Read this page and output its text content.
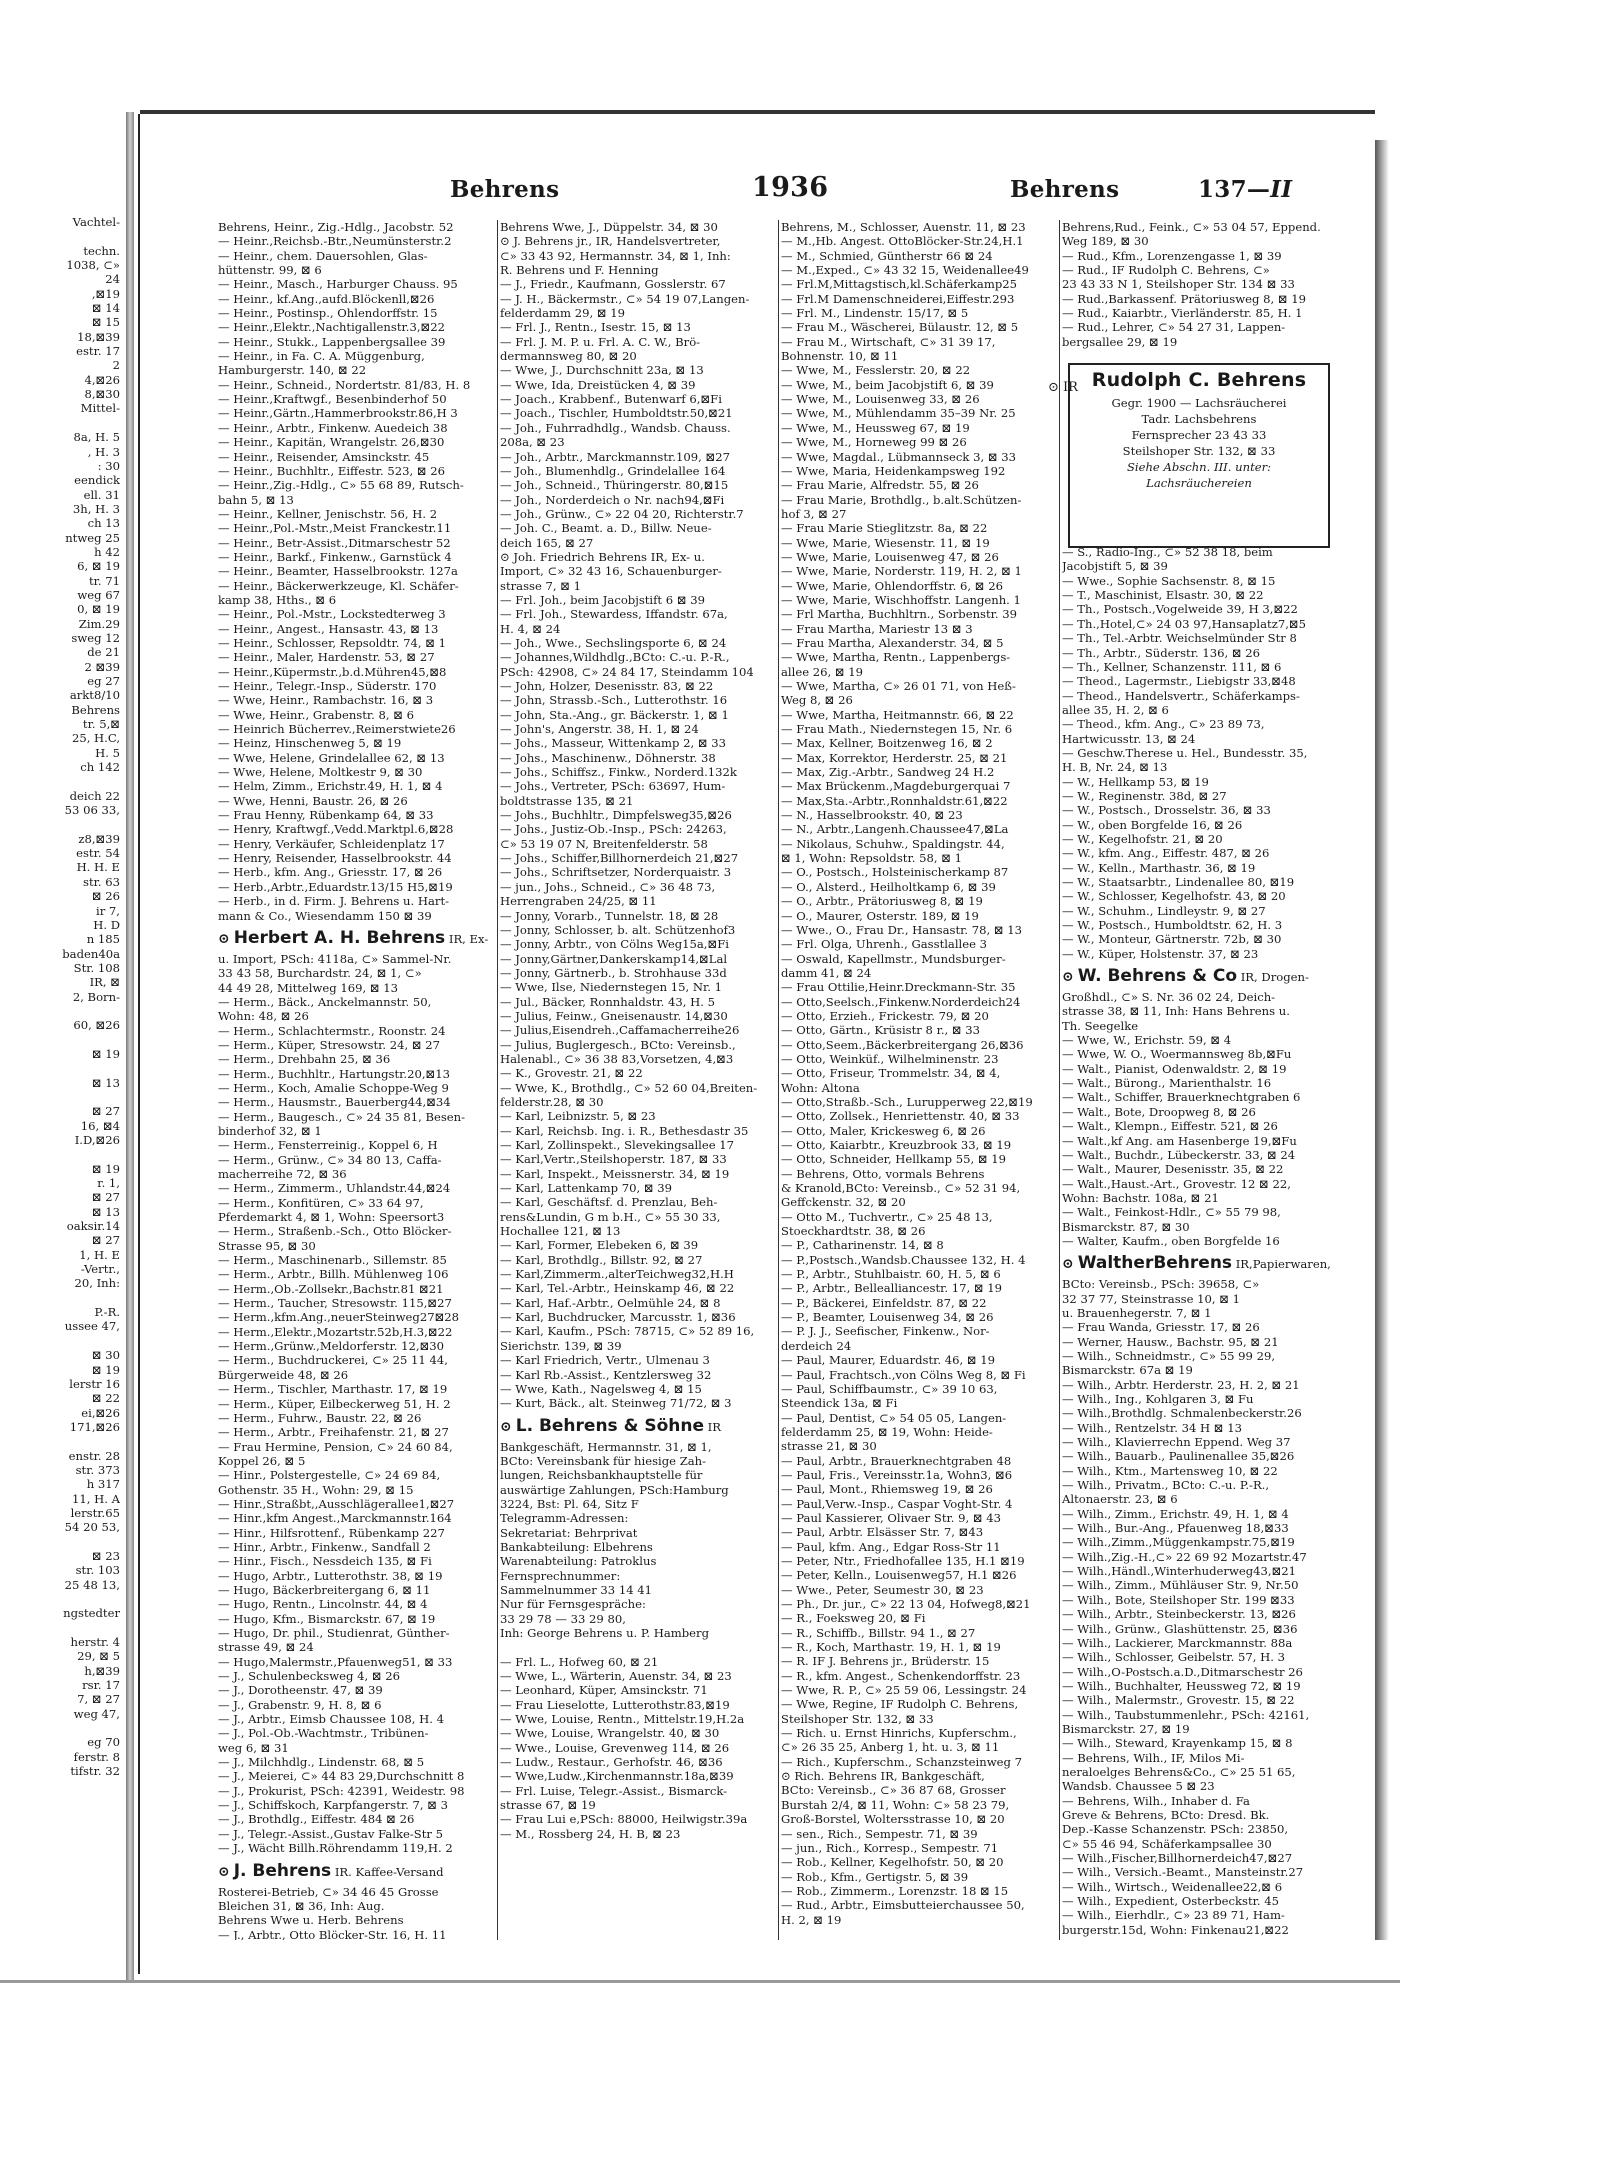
Vachtel-
techn.
1038, ⊂»
24
,⊠19
⊠ 14
⊠ 15
18,⊠39
estr. 17
2
4,⊠26
8,⊠30
Mittel-
8a, H. 5
, H. 3
: 30
eendick
ell. 31
3h, H. 3
ch 13
ntweg 25
h 42
6, ⊠ 19
tr. 71
weg 67
0, ⊠ 19
Zim.29
sweg 12
de 21
2 ⊠39
eg 27
arkt8/10
Behrens
tr. 5,⊠
25, H.C,
H. 5
ch 142
deich 22
53 06 33,
z8,⊠39
estr. 54
H. H. E
str. 63
⊠ 26
ir 7,
H. D
n 185
baden40a
Str. 108
IR, ⊠
2, Born-
60, ⊠26
⊠ 19
⊠ 13
⊠ 27
16, ⊠4
I.D,⊠26
⊠ 19
r. 1,
⊠ 27
⊠ 13
oaksir.14
⊠ 27
1, H. E
-Vertr.,
20, Inh:
P.-R.
ussee 47,
⊠ 30
⊠ 19
lerstr 16
⊠ 22
ei,⊠26
171,⊠26
enstr. 28
str. 373
h 317
11, H. A
lerstr.65
54 20 53,
⊠ 23
str. 103
25 48 13,
ngstedter
herstr. 4
29, ⊠ 5
h,⊠39
rsr. 17
7, ⊠ 27
weg 47,
eg 70
ferstr. 8
tifstr. 32
Behrens	1936	Behrens	137—II
Behrens, Heinr., Zig.-Hdlg., Jacobstr. 52
— Heinr.,Reichsb.-Btr.,Neumünsterstr.2
— Heinr., chem. Dauersohlen, Glas-
hüttenstr. 99, ⊠ 6
— Heinr., Masch., Harburger Chauss. 95
— Heinr., kf.Ang.,aufd.Blöckenll,⊠26
— Heinr., Postinsp., Ohlendorffstr. 15
— Heinr.,Elektr.,Nachtigallenstr.3,⊠22
— Heinr., Stukk., Lappenbergsallee 39
— Heinr., in Fa. C. A. Müggenburg,
Hamburgerstr. 140, ⊠ 22
— Heinr., Schneid., Nordertstr. 81/83, H. 8
— Heinr.,Kraftwgf., Besenbinderhof 50
— Heinr.,Gärtn.,Hammerbrookstr.86,H 3
— Heinr., Arbtr., Finkenw. Auedeich 38
— Heinr., Kapitän, Wrangelstr. 26,⊠30
— Heinr., Reisender, Amsinckstr. 45
— Heinr., Buchhltr., Eiffestr. 523, ⊠ 26
— Heinr.,Zig.-Hdlg., ⊂» 55 68 89, Rutsch-
bahn 5, ⊠ 13
— Heinr., Kellner, Jenischstr. 56, H. 2
— Heinr.,Pol.-Mstr.,Meist Franckestr.11
— Heinr., Betr-Assist.,Ditmarschestr 52
— Heinr., Barkf., Finkenw., Garnstück 4
— Heinr., Beamter, Hasselbrookstr. 127a
— Heinr., Bäckerwerkzeuge, Kl. Schäfer-
kamp 38, Hths., ⊠ 6
— Heinr., Pol.-Mstr., Lockstedterweg 3
— Heinr., Angest., Hansastr. 43, ⊠ 13
— Heinr., Schlosser, Repsoldtr. 74, ⊠ 1
— Heinr., Maler, Hardenstr. 53, ⊠ 27
— Heinr.,Küpermstr.,b.d.Mühren45,⊠8
— Heinr., Telegr.-Insp., Süderstr. 170
— Wwe, Heinr., Rambachstr. 16, ⊠ 3
— Wwe, Heinr., Grabenstr. 8, ⊠ 6
— Heinrich Bücherrev.,Reimerstwiete26
— Heinz, Hinschenweg 5, ⊠ 19
— Wwe, Helene, Grindelallee 62, ⊠ 13
— Wwe, Helene, Moltkestr 9, ⊠ 30
— Helm, Zimm., Erichstr.49, H. 1, ⊠ 4
— Wwe, Henni, Baustr. 26, ⊠ 26
— Frau Henny, Rübenkamp 64, ⊠ 33
— Henry, Kraftwgf.,Vedd.Marktpl.6,⊠28
— Henry, Verkäufer, Schleidenplatz 17
— Henry, Reisender, Hasselbrookstr. 44
— Herb., kfm. Ang., Griesstr. 17, ⊠ 26
— Herb.,Arbtr.,Eduardstr.13/15 H5,⊠19
— Herb., in d. Firm. J. Behrens u. Hart-
mann & Co., Wiesendamm 150 ⊠ 39
⊙ Herbert A. H. Behrens IR, Ex-
u. Import, PSch: 4118a, ⊂» Sammel-Nr.
33 43 58, Burchardstr. 24, ⊠ 1, ⊂»
44 49 28, Mittelweg 169, ⊠ 13
— Herm., Bäck., Anckelmannstr. 50,
Wohn: 48, ⊠ 26
— Herm., Schlachtermstr., Roonstr. 24
— Herm., Küper, Stresowstr. 24, ⊠ 27
— Herm., Drehbahn 25, ⊠ 36
— Herm., Buchhltr., Hartungstr.20,⊠13
— Herm., Koch, Amalie Schoppe-Weg 9
— Herm., Hausmstr., Bauerberg44,⊠34
— Herm., Baugesch., ⊂» 24 35 81, Besen-
binderhof 32, ⊠ 1
— Herm., Fensterreinig., Koppel 6, H
— Herm., Grünw., ⊂» 34 80 13, Caffa-
macherreihe 72, ⊠ 36
— Herm., Zimmerm., Uhlandstr.44,⊠24
— Herm., Konfitüren, ⊂» 33 64 97,
Pferdemarkt 4, ⊠ 1, Wohn: Speersort3
— Herm., Straßenb.-Sch., Otto Blöcker-
Strasse 95, ⊠ 30
— Herm., Maschinenarb., Sillemstr. 85
— Herm., Arbtr., Billh. Mühlenweg 106
— Herm.,Ob.-Zollsekr.,Bachstr.81 ⊠21
— Herm., Taucher, Stresowstr. 115,⊠27
— Herm.,kfm.Ang.,neuerSteinweg27⊠28
— Herm.,Elektr.,Mozartstr.52b,H.3,⊠22
— Herm.,Grünw.,Meldorferstr. 12,⊠30
— Herm., Buchdruckerei, ⊂» 25 11 44,
Bürgerweide 48, ⊠ 26
— Herm., Tischler, Marthastr. 17, ⊠ 19
— Herm., Küper, Eilbeckerweg 51, H. 2
— Herm., Fuhrw., Baustr. 22, ⊠ 26
— Herm., Arbtr., Freihafenstr. 21, ⊠ 27
— Frau Hermine, Pension, ⊂» 24 60 84,
Koppel 26, ⊠ 5
— Hinr., Polstergestelle, ⊂» 24 69 84,
Gothenstr. 35 H., Wohn: 29, ⊠ 15
— Hinr.,Straßbt,,Ausschlägerallee1,⊠27
— Hinr.,kfm Angest.,Marckmannstr.164
— Hinr., Hilfsrottenf., Rübenkamp 227
— Hinr., Arbtr., Finkenw., Sandfall 2
— Hinr., Fisch., Nessdeich 135, ⊠ Fi
— Hugo, Arbtr., Lutterothstr. 38, ⊠ 19
— Hugo, Bäckerbreitergang 6, ⊠ 11
— Hugo, Rentn., Lincolnstr. 44, ⊠ 4
— Hugo, Kfm., Bismarckstr. 67, ⊠ 19
— Hugo, Dr. phil., Studienrat, Günther-
strasse 49, ⊠ 24
— Hugo,Malermstr.,Pfauenweg51, ⊠ 33
— J., Schulenbecksweg 4, ⊠ 26
— J., Dorotheenstr. 47, ⊠ 39
— J., Grabenstr. 9, H. 8, ⊠ 6
— J., Arbtr., Eimsb Chaussee 108, H. 4
— J., Pol.-Ob.-Wachtmstr., Tribünen-
weg 6, ⊠ 31
— J., Milchhdlg., Lindenstr. 68, ⊠ 5
— J., Meierei, ⊂» 44 83 29,Durchschnitt 8
— J., Prokurist, PSch: 42391, Weidestr. 98
— J., Schiffskoch, Karpfangerstr. 7, ⊠ 3
— J., Brothdlg., Eiffestr. 484 ⊠ 26
— J., Telegr.-Assist.,Gustav Falke-Str 5
— J., Wächt Billh.Röhrendamm 119,H. 2
⊙ J. Behrens IR. Kaffee-Versand
Rosterei-Betrieb, ⊂» 34 46 45 Grosse
Bleichen 31, ⊠ 36, Inh: Aug.
Behrens Wwe u. Herb. Behrens
— J., Arbtr., Otto Blöcker-Str. 16, H. 11
Behrens Wwe, J., Düppelstr. 34, ⊠ 30
⊙ J. Behrens jr., IR, Handelsvertreter,
⊂» 33 43 92, Hermannstr. 34, ⊠ 1, Inh:
R. Behrens und F. Henning
— J., Friedr., Kaufmann, Gosslerstr. 67
— J. H., Bäckermstr., ⊂» 54 19 07,Langen-
felderdamm 29, ⊠ 19
— Frl. J., Rentn., Isestr. 15, ⊠ 13
— Frl. J. M. P. u. Frl. A. C. W., Brö-
dermannsweg 80, ⊠ 20
— Wwe, J., Durchschnitt 23a, ⊠ 13
— Wwe, Ida, Dreistücken 4, ⊠ 39
— Joach., Krabbenf., Butenwarf 6,⊠Fi
— Joach., Tischler, Humboldtstr.50,⊠21
— Joh., Fuhrradhdlg., Wandsb. Chauss.
208a, ⊠ 23
— Joh., Arbtr., Marckmannstr.109, ⊠27
— Joh., Blumenhdlg., Grindelallee 164
— Joh., Schneid., Thüringerstr. 80,⊠15
— Joh., Norderdeich o Nr. nach94,⊠Fi
— Joh., Grünw., ⊂» 22 04 20, Richterstr.7
— Joh. C., Beamt. a. D., Billw. Neue-
deich 165, ⊠ 27
⊙ Joh. Friedrich Behrens IR, Ex- u.
Import, ⊂» 32 43 16, Schauenburger-
strasse 7, ⊠ 1
— Frl. Joh., beim Jacobjstift 6 ⊠ 39
— Frl. Joh., Stewardess, Iffandstr. 67a,
H. 4, ⊠ 24
— Joh., Wwe., Sechslingsporte 6, ⊠ 24
— Johannes,Wildhdlg.,BCto: C.-u. P.-R.,
PSch: 42908, ⊂» 24 84 17, Steindamm 104
— John, Holzer, Desenisstr. 83, ⊠ 22
— John, Strassb.-Sch., Lutterothstr. 16
— John, Sta.-Ang., gr. Bäckerstr. 1, ⊠ 1
— John's, Angerstr. 38, H. 1, ⊠ 24
— Johs., Masseur, Wittenkamp 2, ⊠ 33
— Johs., Maschinenw., Döhnerstr. 38
— Johs., Schiffsz., Finkw., Norderd.132k
— Johs., Vertreter, PSch: 63697, Hum-
boldtstrasse 135, ⊠ 21
— Johs., Buchhltr., Dimpfelsweg35,⊠26
— Johs., Justiz-Ob.-Insp., PSch: 24263,
⊂» 53 19 07 N, Breitenfelderstr. 58
— Johs., Schiffer,Billhornerdeich 21,⊠27
— Johs., Schriftsetzer, Norderquaistr. 3
— jun., Johs., Schneid., ⊂» 36 48 73,
Herrengraben 24/25, ⊠ 11
— Jonny, Vorarb., Tunnelstr. 18, ⊠ 28
— Jonny, Schlosser, b. alt. Schützenhof3
— Jonny, Arbtr., von Cölns Weg15a,⊠Fi
— Jonny,Gärtner,Dankerskamp14,⊠Lal
— Jonny, Gärtnerb., b. Strohhause 33d
— Wwe, Ilse, Niedernstegen 15, Nr. 1
— Jul., Bäcker, Ronnhaldstr. 43, H. 5
— Julius, Feinw., Gneisenaustr. 14,⊠30
— Julius,Eisendreh.,Caffamacherreihe26
— Julius, Buglergesch., BCto: Vereinsb.,
Halenabl., ⊂» 36 38 83,Vorsetzen, 4,⊠3
— K., Grovestr. 21, ⊠ 22
— Wwe, K., Brothdlg., ⊂» 52 60 04,Breiten-
felderstr.28, ⊠ 30
— Karl, Leibnizstr. 5, ⊠ 23
— Karl, Reichsb. Ing. i. R., Bethesdastr 35
— Karl, Zollinspekt., Slevekingsallee 17
— Karl,Vertr.,Steilshoperstr. 187, ⊠ 33
— Karl, Inspekt., Meissnerstr. 34, ⊠ 19
— Karl, Lattenkamp 70, ⊠ 39
— Karl, Geschäftsf. d. Prenzlau, Beh-
rens&Lundin, G m b.H., ⊂» 55 30 33,
Hochallee 121, ⊠ 13
— Karl, Former, Elebeken 6, ⊠ 39
— Karl, Brothdlg., Billstr. 92, ⊠ 27
— Karl,Zimmerm.,alterTeichweg32,H.H
— Karl, Tel.-Arbtr., Heinskamp 46, ⊠ 22
— Karl, Haf.-Arbtr., Oelmühle 24, ⊠ 8
— Karl, Buchdrucker, Marcusstr. 1, ⊠36
— Karl, Kaufm., PSch: 78715, ⊂» 52 89 16,
Sierichstr. 139, ⊠ 39
— Karl Friedrich, Vertr., Ulmenau 3
— Karl Rb.-Assist., Kentzlersweg 32
— Wwe, Kath., Nagelsweg 4, ⊠ 15
— Kurt, Bäck., alt. Steinweg 71/72, ⊠ 3
⊙ L. Behrens & Söhne IR
Bankgeschäft, Hermannstr. 31, ⊠ 1,
BCto: Vereinsbank für hiesige Zah-
lungen, Reichsbankhauptstelle für
auswärtige Zahlungen, PSch:Hamburg
3224, Bst: Pl. 64, Sitz F
Telegramm-Adressen:
Sekretariat: Behrprivat
Bankabteilung: Elbehrens
Warenabteilung: Patroklus
Fernsprechnummer:
Sammelnummer 33 14 41
Nur für Fernsgespräche:
33 29 78 — 33 29 80,
Inh: George Behrens u. P. Hamberg
— Frl. L., Hofweg 60, ⊠ 21
— Wwe, L., Wärterin, Auenstr. 34, ⊠ 23
— Leonhard, Küper, Amsinckstr. 71
— Frau Lieselotte, Lutterothstr.83,⊠19
— Wwe, Louise, Rentn., Mittelstr.19,H.2a
— Wwe, Louise, Wrangelstr. 40, ⊠ 30
— Wwe., Louise, Grevenweg 114, ⊠ 26
— Ludw., Restaur., Gerhofstr. 46, ⊠36
— Wwe,Ludw.,Kirchenmannstr.18a,⊠39
— Frl. Luise, Telegr.-Assist., Bismarck-
strasse 67, ⊠ 19
— Frau Lui e,PSch: 88000, Heilwigstr.39a
— M., Rossberg 24, H. B, ⊠ 23
Behrens, M., Schlosser, Auenstr. 11, ⊠ 23
— M.,Hb. Angest. OttoBlöcker-Str.24,H.1
— M., Schmied, Güntherstr 66 ⊠ 24
— M.,Exped., ⊂» 43 32 15, Weidenallee49
— Frl.M,Mittagstisch,kl.Schäferkamp25
— Frl.M Damenschneiderei,Eiffestr.293
— Frl. M., Lindenstr. 15/17, ⊠ 5
— Frau M., Wäscherei, Bülaustr. 12, ⊠ 5
— Frau M., Wirtschaft, ⊂» 31 39 17,
Bohnenstr. 10, ⊠ 11
— Wwe, M., Fesslerstr. 20, ⊠ 22
— Wwe, M., beim Jacobjstift 6, ⊠ 39
— Wwe, M., Louisenweg 33, ⊠ 26
— Wwe, M., Mühlendamm 35–39 Nr. 25
— Wwe, M., Heussweg 67, ⊠ 19
— Wwe, M., Horneweg 99 ⊠ 26
— Wwe, Magdal., Lübmannseck 3, ⊠ 33
— Wwe, Maria, Heidenkampsweg 192
— Frau Marie, Alfredstr. 55, ⊠ 26
— Frau Marie, Brothdlg., b.alt.Schützen-
hof 3, ⊠ 27
— Frau Marie Stieglitzstr. 8a, ⊠ 22
— Wwe, Marie, Wiesenstr. 11, ⊠ 19
— Wwe, Marie, Louisenweg 47, ⊠ 26
— Wwe, Marie, Norderstr. 119, H. 2, ⊠ 1
— Wwe, Marie, Ohlendorffstr. 6, ⊠ 26
— Wwe, Marie, Wischhoffstr. Langenh. 1
— Frl Martha, Buchhltrn., Sorbenstr. 39
— Frau Martha, Mariestr 13 ⊠ 3
— Frau Martha, Alexanderstr. 34, ⊠ 5
— Wwe, Martha, Rentn., Lappenbergs-
allee 26, ⊠ 19
— Wwe, Martha, ⊂» 26 01 71, von Heß-
Weg 8, ⊠ 26
— Wwe, Martha, Heitmannstr. 66, ⊠ 22
— Frau Math., Niedernstegen 15, Nr. 6
— Max, Kellner, Boitzenweg 16, ⊠ 2
— Max, Korrektor, Herderstr. 25, ⊠ 21
— Max, Zig.-Arbtr., Sandweg 24 H.2
— Max Brückenm.,Magdeburgerquai 7
— Max,Sta.-Arbtr.,Ronnhaldstr.61,⊠22
— N., Hasselbrookstr. 40, ⊠ 23
— N., Arbtr.,Langenh.Chaussee47,⊠La
— Nikolaus, Schuhw., Spaldingstr. 44,
⊠ 1, Wohn: Repsoldstr. 58, ⊠ 1
— O., Postsch., Holsteinischerkamp 87
— O., Alsterd., Heilholtkamp 6, ⊠ 39
— O., Arbtr., Prätoriusweg 8, ⊠ 19
— O., Maurer, Osterstr. 189, ⊠ 19
— Wwe., O., Frau Dr., Hansastr. 78, ⊠ 13
— Frl. Olga, Uhrenh., Gasstlallee 3
— Oswald, Kapellmstr., Mundsburger-
damm 41, ⊠ 24
— Frau Ottilie,Heinr.Dreckmann-Str. 35
— Otto,Seelsch.,Finkenw.Norderdeich24
— Otto, Erzieh., Frickestr. 79, ⊠ 20
— Otto, Gärtn., Krüsistr 8 r., ⊠ 33
— Otto,Seem.,Bäckerbreitergang 26,⊠36
— Otto, Weinküf., Wilhelminenstr. 23
— Otto, Friseur, Trommelstr. 34, ⊠ 4,
Wohn: Altona
— Otto,Straßb.-Sch., Lurupperweg 22,⊠19
— Otto, Zollsek., Henriettenstr. 40, ⊠ 33
— Otto, Maler, Krickesweg 6, ⊠ 26
— Otto, Kaiarbtr., Kreuzbrook 33, ⊠ 19
— Otto, Schneider, Hellkamp 55, ⊠ 19
— Behrens, Otto, vormals Behrens
& Kranold,BCto: Vereinsb., ⊂» 52 31 94,
Geffckenstr. 32, ⊠ 20
— Otto M., Tuchvertr., ⊂» 25 48 13,
Stoeckhardtstr. 38, ⊠ 26
— P., Catharinenstr. 14, ⊠ 8
— P.,Postsch.,Wandsb.Chaussee 132, H. 4
— P., Arbtr., Stuhlbaistr. 60, H. 5, ⊠ 6
— P., Arbtr., Bellealliancestr. 17, ⊠ 19
— P., Bäckerei, Einfeldstr. 87, ⊠ 22
— P., Beamter, Louisenweg 34, ⊠ 26
— P. J. J., Seefischer, Finkenw., Nor-
derdeich 24
— Paul, Maurer, Eduardstr. 46, ⊠ 19
— Paul, Frachtsch.,von Cölns Weg 8, ⊠ Fi
— Paul, Schiffbaumstr., ⊂» 39 10 63,
Steendick 13a, ⊠ Fi
— Paul, Dentist, ⊂» 54 05 05, Langen-
felderdamm 25, ⊠ 19, Wohn: Heide-
strasse 21, ⊠ 30
— Paul, Arbtr., Brauerknechtgraben 48
— Paul, Fris., Vereinsstr.1a, Wohn3, ⊠6
— Paul, Mont., Rhiemsweg 19, ⊠ 26
— Paul,Verw.-Insp., Caspar Voght-Str. 4
— Paul Kassierer, Olivaer Str. 9, ⊠ 43
— Paul, Arbtr. Elsässer Str. 7, ⊠43
— Paul, kfm. Ang., Edgar Ross-Str 11
— Peter, Ntr., Friedhofallee 135, H.1 ⊠19
— Peter, Kelln., Louisenweg57, H.1 ⊠26
— Wwe., Peter, Seumestr 30, ⊠ 23
— Ph., Dr. jur., ⊂» 22 13 04, Hofweg8,⊠21
— R., Foeksweg 20, ⊠ Fi
— R., Schiffb., Billstr. 94 1., ⊠ 27
— R., Koch, Marthastr. 19, H. 1, ⊠ 19
— R. IF J. Behrens jr., Brüderstr. 15
— R., kfm. Angest., Schenkendorffstr. 23
— Wwe, R. P., ⊂» 25 59 06, Lessingstr. 24
— Wwe, Regine, IF Rudolph C. Behrens,
Steilshoper Str. 132, ⊠ 33
— Rich. u. Ernst Hinrichs, Kupferschm.,
⊂» 26 35 25, Anberg 1, ht. u. 3, ⊠ 11
— Rich., Kupferschm., Schanzsteinweg 7
⊙ Rich. Behrens IR, Bankgeschäft,
BCto: Vereinsb., ⊂» 36 87 68, Grosser
Burstah 2/4, ⊠ 11, Wohn: ⊂» 58 23 79,
Groß-Borstel, Woltersstrasse 10, ⊠ 20
— sen., Rich., Sempestr. 71, ⊠ 39
— jun., Rich., Korresp., Sempestr. 71
— Rob., Kellner, Kegelhofstr. 50, ⊠ 20
— Rob., Kfm., Gertigstr. 5, ⊠ 39
— Rob., Zimmerm., Lorenzstr. 18 ⊠ 15
— Rud., Arbtr., Eimsbutteierchaussee 50,
H. 2, ⊠ 19
Behrens,Rud., Feink., ⊂» 53 04 57, Eppend.
Weg 189, ⊠ 30
— Rud., Kfm., Lorenzengasse 1, ⊠ 39
— Rud., IF Rudolph C. Behrens, ⊂»
23 43 33 N 1, Steilshoper Str. 134 ⊠ 33
— Rud.,Barkassenf. Prätoriusweg 8, ⊠ 19
— Rud., Kaiarbtr., Vierländerstr. 85, H. 1
— Rud., Lehrer, ⊂» 54 27 31, Lappen-
bergsallee 29, ⊠ 19
— S., Radio-Ing., ⊂» 52 38 18, beim
Jacobjstift 5, ⊠ 39
— Wwe., Sophie Sachsenstr. 8, ⊠ 15
— T., Maschinist, Elsastr. 30, ⊠ 22
— Th., Postsch.,Vogelweide 39, H 3,⊠22
— Th.,Hotel,⊂» 24 03 97,Hansaplatz7,⊠5
— Th., Tel.-Arbtr. Weichselmünder Str 8
— Th., Arbtr., Süderstr. 136, ⊠ 26
— Th., Kellner, Schanzenstr. 111, ⊠ 6
— Theod., Lagermstr., Liebigstr 33,⊠48
— Theod., Handelsvertr., Schäferkamps-
allee 35, H. 2, ⊠ 6
— Theod., kfm. Ang., ⊂» 23 89 73,
Hartwicusstr. 13, ⊠ 24
— Geschw.Therese u. Hel., Bundesstr. 35,
H. B, Nr. 24, ⊠ 13
— W., Hellkamp 53, ⊠ 19
— W., Reginenstr. 38d, ⊠ 27
— W., Postsch., Drosselstr. 36, ⊠ 33
— W., oben Borgfelde 16, ⊠ 26
— W., Kegelhofstr. 21, ⊠ 20
— W., kfm. Ang., Eiffestr. 487, ⊠ 26
— W., Kelln., Marthastr. 36, ⊠ 19
— W., Staatsarbtr., Lindenallee 80, ⊠19
— W., Schlosser, Kegelhofstr. 43, ⊠ 20
— W., Schuhm., Lindleystr. 9, ⊠ 27
— W., Postsch., Humboldtstr. 62, H. 3
— W., Monteur, Gärtnerstr. 72b, ⊠ 30
— W., Küper, Holstenstr. 37, ⊠ 23
⊙ W. Behrens & Co IR, Drogen-
Großhdl., ⊂» S. Nr. 36 02 24, Deich-
strasse 38, ⊠ 11, Inh: Hans Behrens u.
Th. Seegelke
— Wwe, W., Erichstr. 59, ⊠ 4
— Wwe, W. O., Woermannsweg 8b,⊠Fu
— Walt., Pianist, Odenwaldstr. 2, ⊠ 19
— Walt., Bürong., Marienthalstr. 16
— Walt., Schiffer, Brauerknechtgraben 6
— Walt., Bote, Droopweg 8, ⊠ 26
— Walt., Klempn., Eiffestr. 521, ⊠ 26
— Walt.,kf Ang. am Hasenberge 19,⊠Fu
— Walt., Buchdr., Lübeckerstr. 33, ⊠ 24
— Walt., Maurer, Desenisstr. 35, ⊠ 22
— Walt.,Haust.-Art., Grovestr. 12 ⊠ 22,
Wohn: Bachstr. 108a, ⊠ 21
— Walt., Feinkost-Hdlr., ⊂» 55 79 98,
Bismarckstr. 87, ⊠ 30
— Walter, Kaufm., oben Borgfelde 16
⊙ WaltherBehrens IR,Papierwaren,
BCto: Vereinsb., PSch: 39658, ⊂»
32 37 77, Steinstrasse 10, ⊠ 1
u. Brauenhegerstr. 7, ⊠ 1
— Frau Wanda, Griesstr. 17, ⊠ 26
— Werner, Hausw., Bachstr. 95, ⊠ 21
— Wilh., Schneidmstr., ⊂» 55 99 29,
Bismarckstr. 67a ⊠ 19
— Wilh., Arbtr. Herderstr. 23, H. 2, ⊠ 21
— Wilh., Ing., Kohlgaren 3, ⊠ Fu
— Wilh.,Brothdlg. Schmalenbeckerstr.26
— Wilh., Rentzelstr. 34 H ⊠ 13
— Wilh., Klavierrechn Eppend. Weg 37
— Wilh., Bauarb., Paulinenallee 35,⊠26
— Wilh., Ktm., Martensweg 10, ⊠ 22
— Wilh., Privatm., BCto: C.-u. P.-R.,
Altonaerstr. 23, ⊠ 6
— Wilh., Zimm., Erichstr. 49, H. 1, ⊠ 4
— Wilh., Bur.-Ang., Pfauenweg 18,⊠33
— Wilh.,Zimm.,Müggenkampstr.75,⊠19
— Wilh.,Zig.-H.,⊂» 22 69 92 Mozartstr.47
— Wilh.,Händl.,Winterhuderweg43,⊠21
— Wilh., Zimm., Mühläuser Str. 9, Nr.50
— Wilh., Bote, Steilshoper Str. 199 ⊠33
— Wilh., Arbtr., Steinbeckerstr. 13, ⊠26
— Wilh., Grünw., Glashüttenstr. 25, ⊠36
— Wilh., Lackierer, Marckmannstr. 88a
— Wilh., Schlosser, Geibelstr. 57, H. 3
— Wilh.,O-Postsch.a.D.,Ditmarschestr 26
— Wilh., Buchhalter, Heussweg 72, ⊠ 19
— Wilh., Malermstr., Grovestr. 15, ⊠ 22
— Wilh., Taubstummenlehr., PSch: 42161,
Bismarckstr. 27, ⊠ 19
— Wilh., Steward, Krayenkamp 15, ⊠ 8
— Behrens, Wilh., IF, Milos Mi-
neraloelges Behrens&Co., ⊂» 25 51 65,
Wandsb. Chaussee 5 ⊠ 23
— Behrens, Wilh., Inhaber d. Fa
Greve & Behrens, BCto: Dresd. Bk.
Dep.-Kasse Schanzenstr. PSch: 23850,
⊂» 55 46 94, Schäferkampsallee 30
— Wilh.,Fischer,Billhornerdeich47,⊠27
— Wilh., Versich.-Beamt., Mansteinstr.27
— Wilh., Wirtsch., Weidenallee22,⊠ 6
— Wilh., Expedient, Osterbeckstr. 45
— Wilh., Eierhdlr., ⊂» 23 89 71, Ham-
burgerstr.15d, Wohn: Finkenau21,⊠22
Rudolph C. Behrens
Gegr. 1900 — Lachsräucherei
Tadr. Lachsbehrens
Fernsprecher 23 43 33
Steilshoper Str. 132, ⊠ 33
Siehe Abschn. III. unter:
Lachsräuchereien
⊙ IR
